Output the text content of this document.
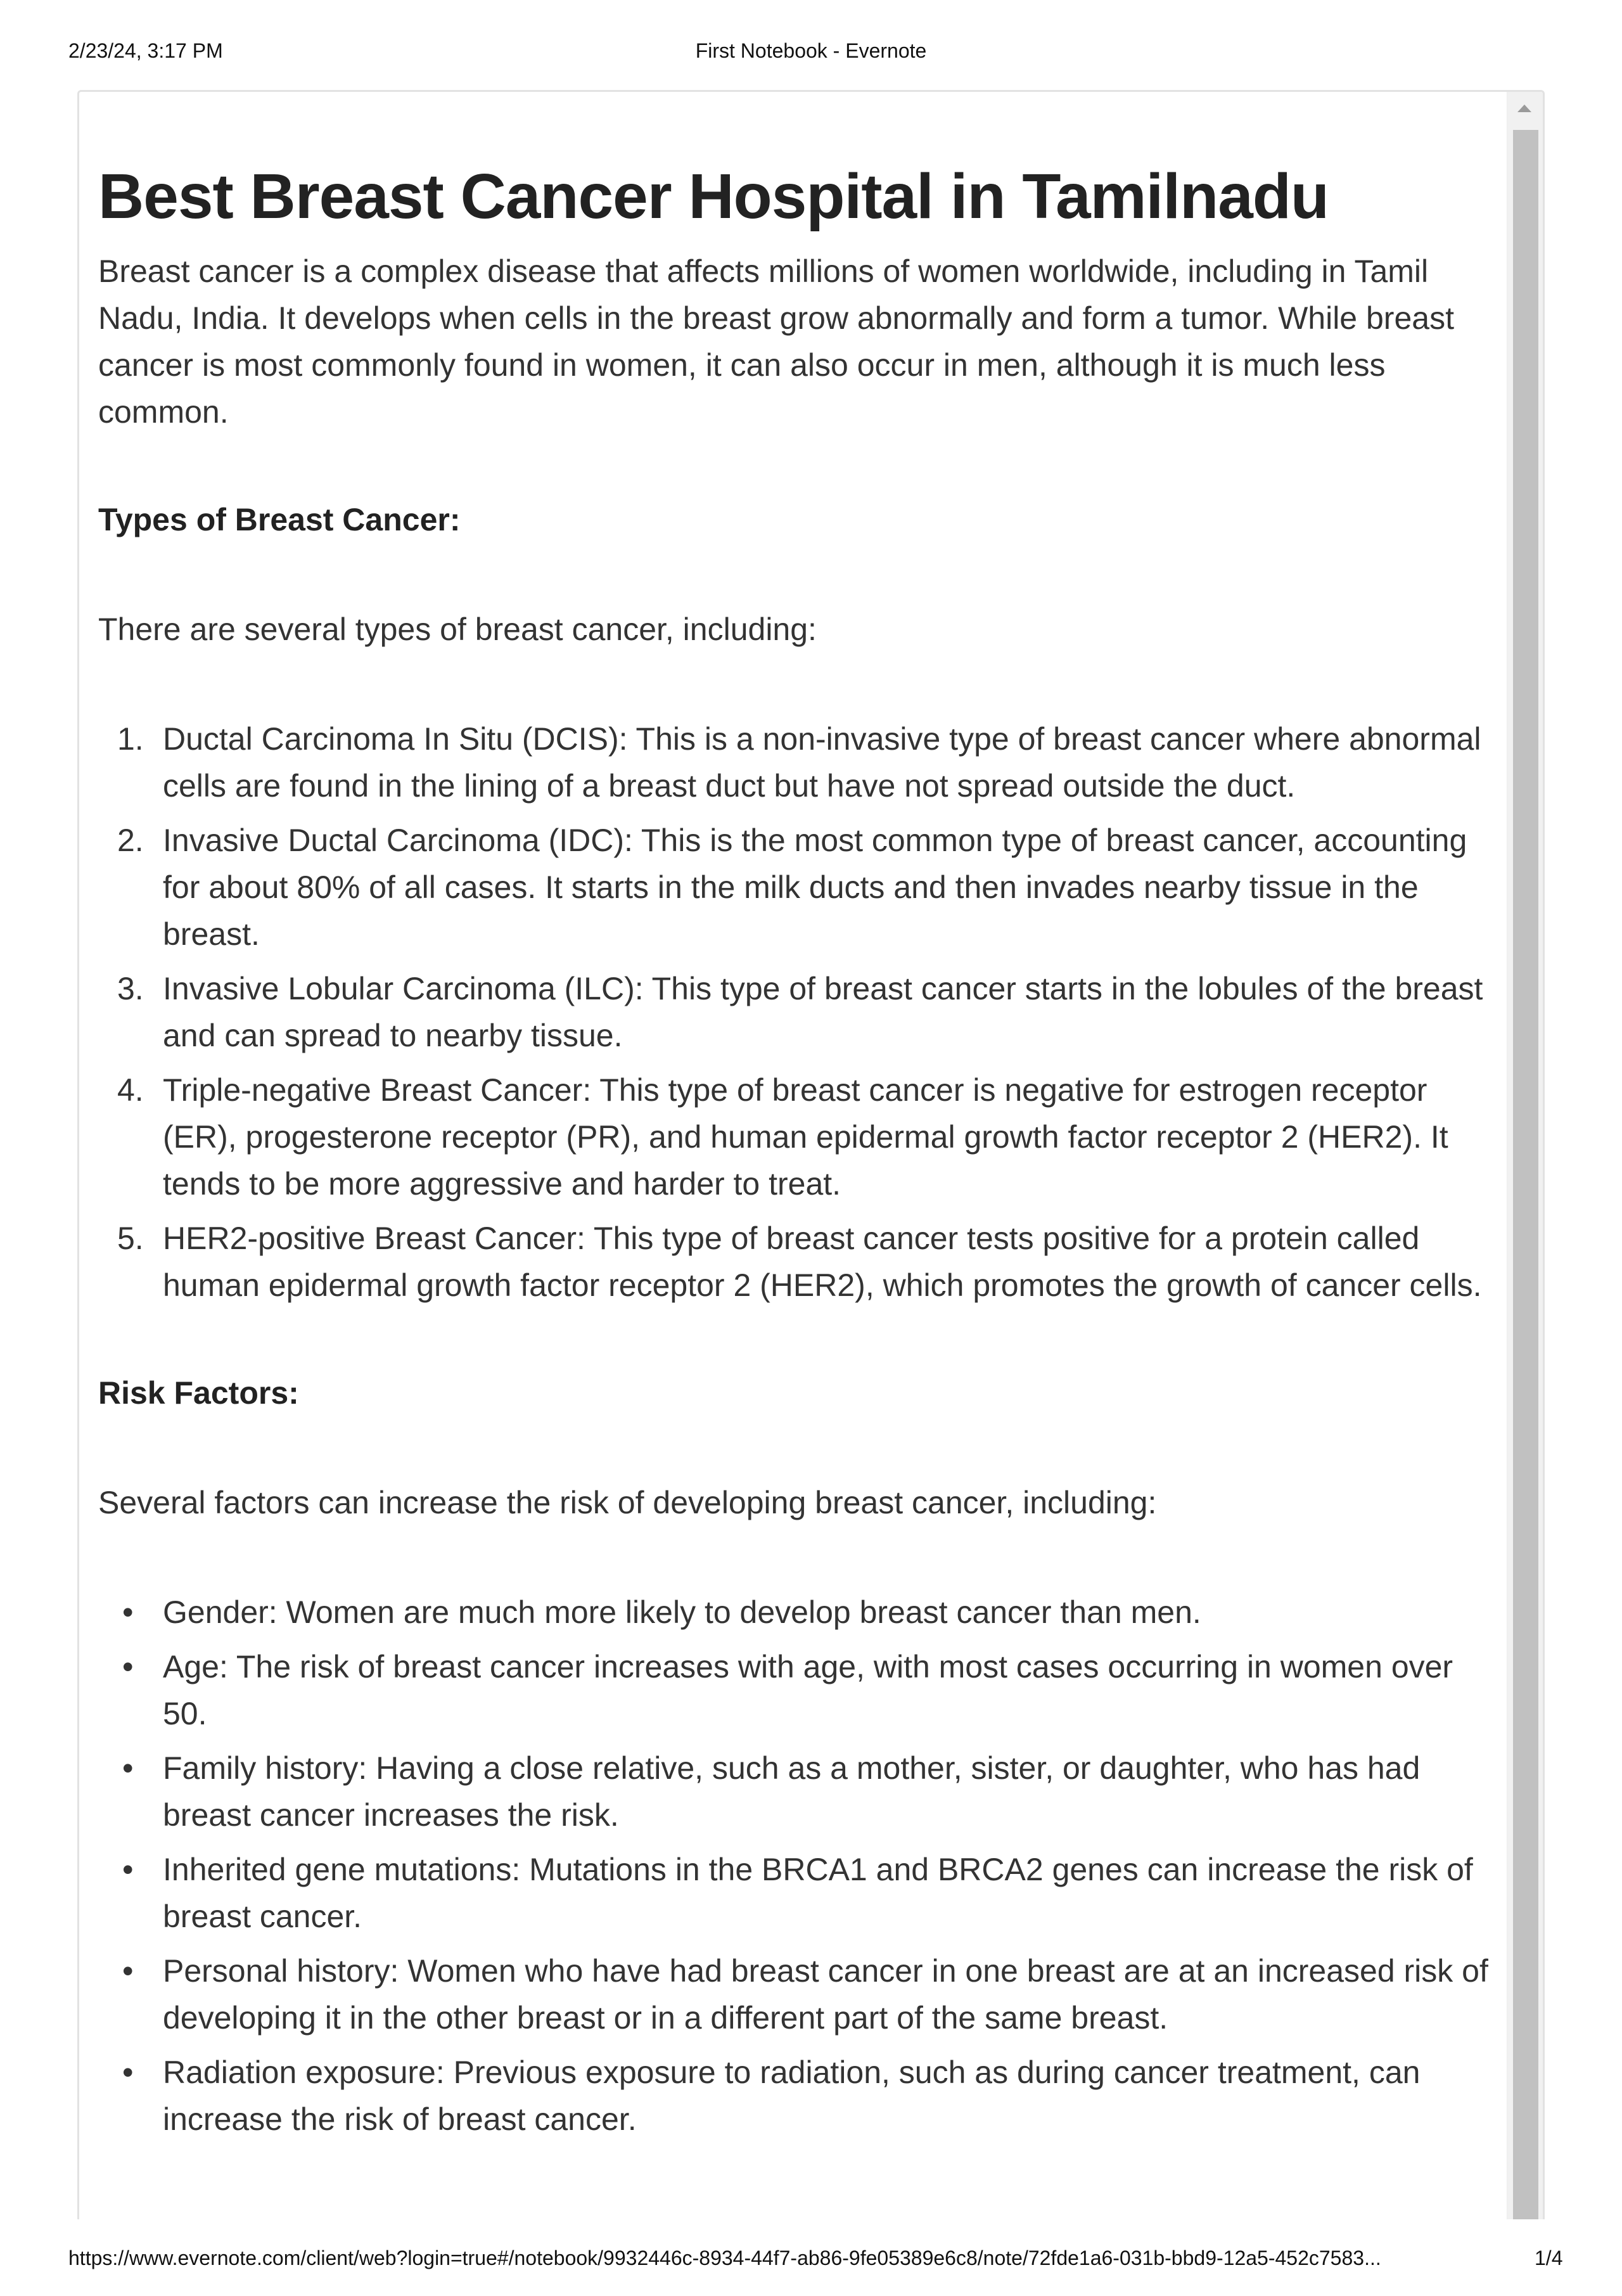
2/23/24, 3:17 PM	First Notebook - Evernote
Best Breast Cancer Hospital in Tamilnadu

Breast cancer is a complex disease that affects millions of women worldwide, including in Tamil Nadu, India. It develops when cells in the breast grow abnormally and form a tumor. While breast cancer is most commonly found in women, it can also occur in men, although it is much less common.

Types of Breast Cancer:

There are several types of breast cancer, including:

1. Ductal Carcinoma In Situ (DCIS): This is a non-invasive type of breast cancer where abnormal cells are found in the lining of a breast duct but have not spread outside the duct.
2. Invasive Ductal Carcinoma (IDC): This is the most common type of breast cancer, accounting for about 80% of all cases. It starts in the milk ducts and then invades nearby tissue in the breast.
3. Invasive Lobular Carcinoma (ILC): This type of breast cancer starts in the lobules of the breast and can spread to nearby tissue.
4. Triple-negative Breast Cancer: This type of breast cancer is negative for estrogen receptor (ER), progesterone receptor (PR), and human epidermal growth factor receptor 2 (HER2). It tends to be more aggressive and harder to treat.
5. HER2-positive Breast Cancer: This type of breast cancer tests positive for a protein called human epidermal growth factor receptor 2 (HER2), which promotes the growth of cancer cells.

Risk Factors:

Several factors can increase the risk of developing breast cancer, including:

• Gender: Women are much more likely to develop breast cancer than men.
• Age: The risk of breast cancer increases with age, with most cases occurring in women over 50.
• Family history: Having a close relative, such as a mother, sister, or daughter, who has had breast cancer increases the risk.
• Inherited gene mutations: Mutations in the BRCA1 and BRCA2 genes can increase the risk of breast cancer.
• Personal history: Women who have had breast cancer in one breast are at an increased risk of developing it in the other breast or in a different part of the same breast.
• Radiation exposure: Previous exposure to radiation, such as during cancer treatment, can increase the risk of breast cancer.
https://www.evernote.com/client/web?login=true#/notebook/9932446c-8934-44f7-ab86-9fe05389e6c8/note/72fde1a6-031b-bbd9-12a5-452c7583...	1/4
